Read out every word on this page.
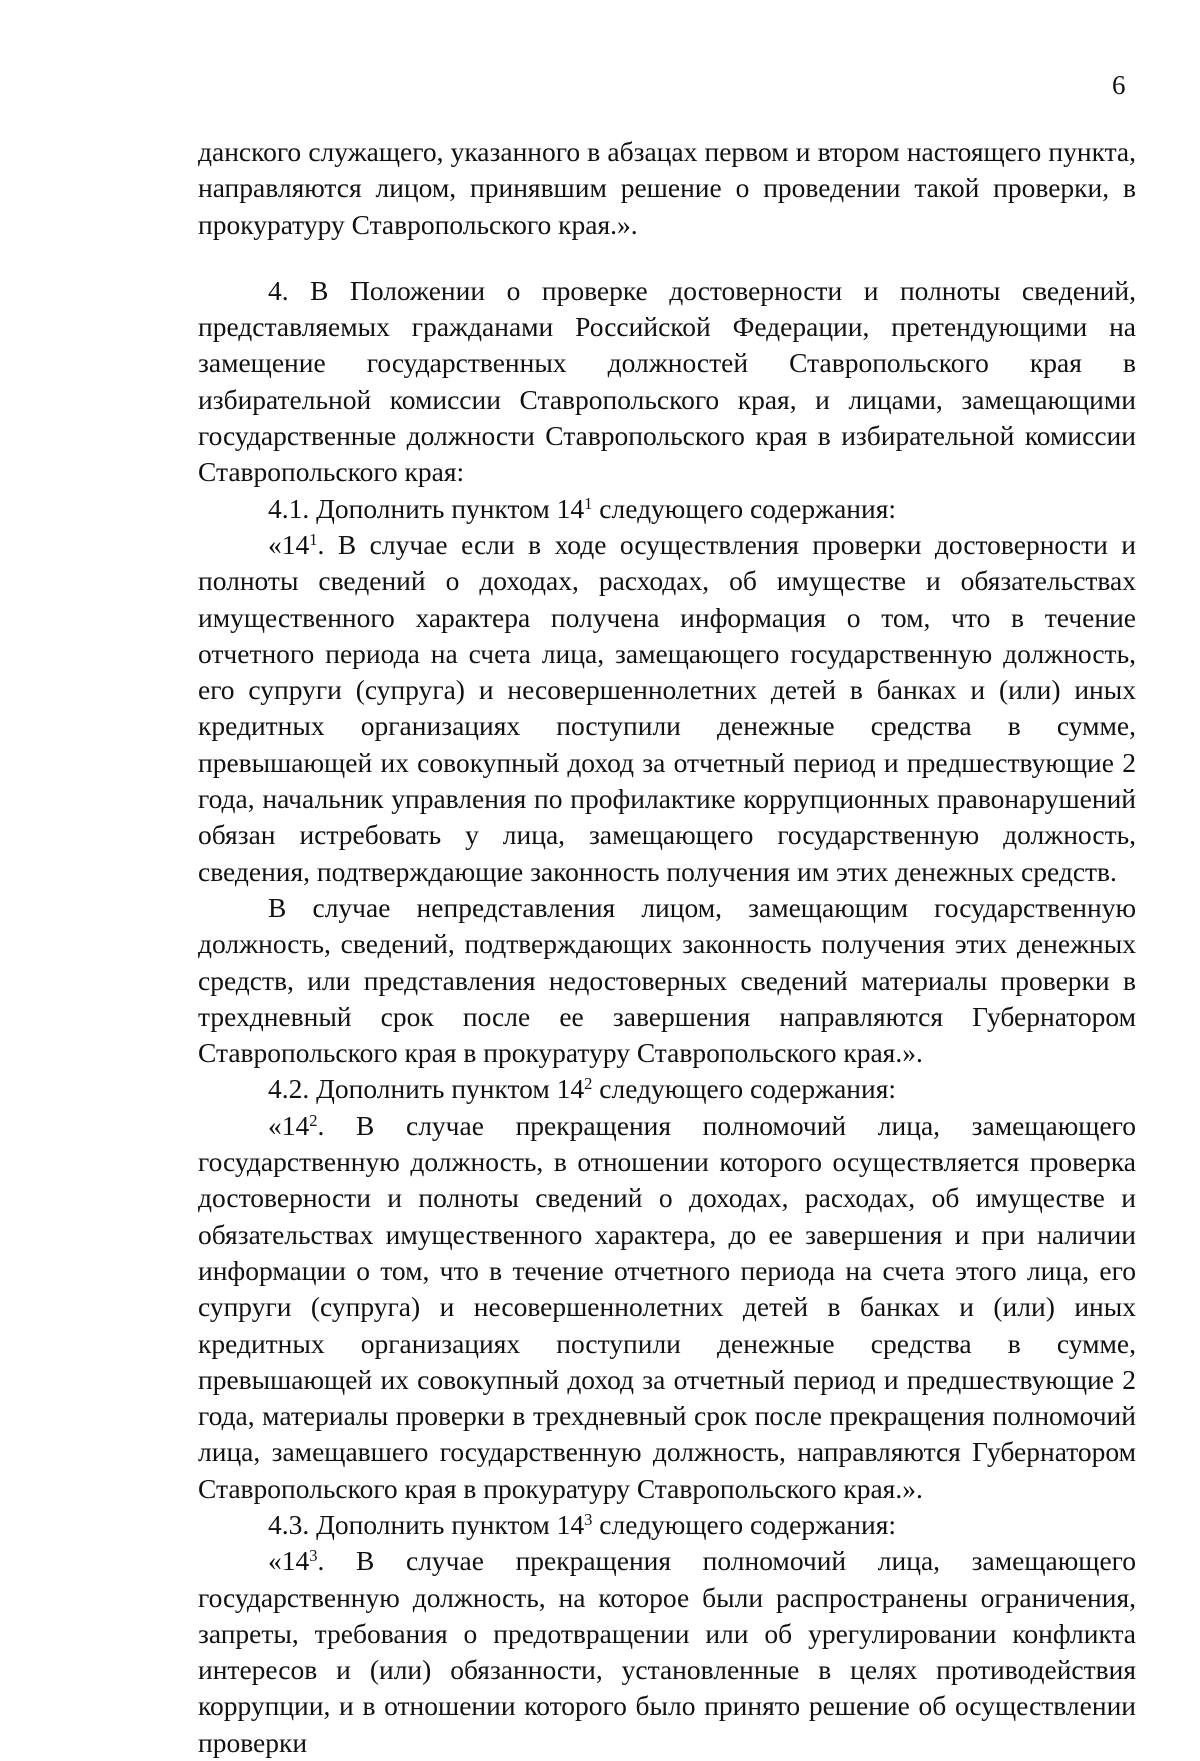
6

данского служащего, указанного в абзацах первом и втором настоящего пункта, направляются лицом, принявшим решение о проведении такой проверки, в прокуратуру Ставропольского края.».

4. В Положении о проверке достоверности и полноты сведений, представляемых гражданами Российской Федерации, претендующими на замещение государственных должностей Ставропольского края в избирательной комиссии Ставропольского края, и лицами, замещающими государственные должности Ставропольского края в избирательной комиссии Ставропольского края:

4.1. Дополнить пунктом $14^1$ следующего содержания:

«$14^1$. В случае если в ходе осуществления проверки достоверности и полноты сведений о доходах, расходах, об имуществе и обязательствах имущественного характера получена информация о том, что в течение отчетного периода на счета лица, замещающего государственную должность, его супруги (супруга) и несовершеннолетних детей в банках и (или) иных кредитных организациях поступили денежные средства в сумме, превышающей их совокупный доход за отчетный период и предшествующие 2 года, начальник управления по профилактике коррупционных правонарушений обязан истребовать у лица, замещающего государственную должность, сведения, подтверждающие законность получения им этих денежных средств.

В случае непредставления лицом, замещающим государственную должность, сведений, подтверждающих законность получения этих денежных средств, или представления недостоверных сведений материалы проверки в трехдневный срок после ее завершения направляются Губернатором Ставропольского края в прокуратуру Ставропольского края.».

4.2. Дополнить пунктом $14^2$ следующего содержания:

«$14^2$. В случае прекращения полномочий лица, замещающего государственную должность, в отношении которого осуществляется проверка достоверности и полноты сведений о доходах, расходах, об имуществе и обязательствах имущественного характера, до ее завершения и при наличии информации о том, что в течение отчетного периода на счета этого лица, его супруги (супруга) и несовершеннолетних детей в банках и (или) иных кредитных организациях поступили денежные средства в сумме, превышающей их совокупный доход за отчетный период и предшествующие 2 года, материалы проверки в трехдневный срок после прекращения полномочий лица, замещавшего государственную должность, направляются Губернатором Ставропольского края в прокуратуру Ставропольского края.».

4.3. Дополнить пунктом $14^3$ следующего содержания:

«$14^3$. В случае прекращения полномочий лица, замещающего государственную должность, на которое были распространены ограничения, запреты, требования о предотвращении или об урегулировании конфликта интересов и (или) обязанности, установленные в целях противодействия коррупции, и в отношении которого было принято решение об осуществлении проверки
